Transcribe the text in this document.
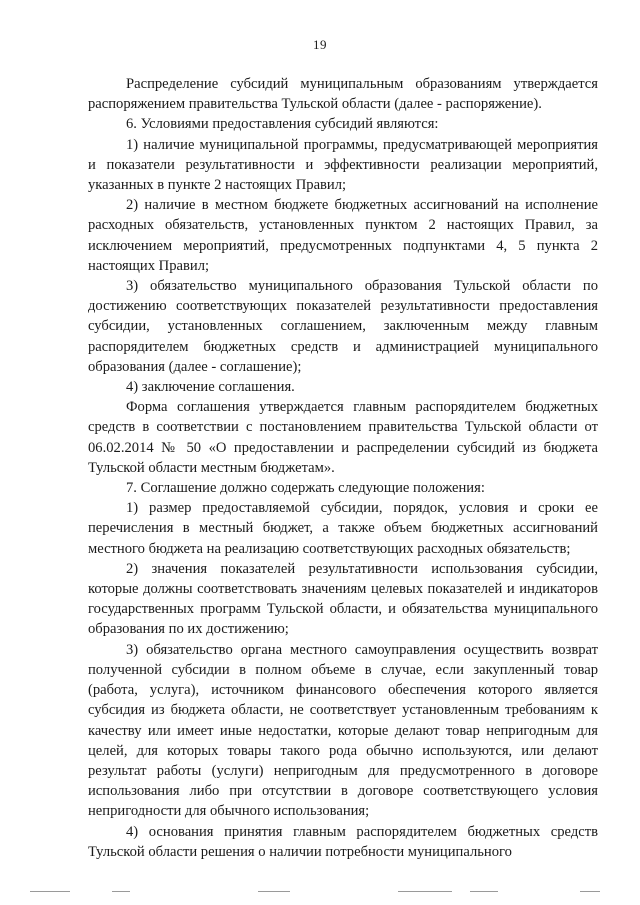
19

Распределение субсидий муниципальным образованиям утверждается распоряжением правительства Тульской области (далее - распоряжение).

6. Условиями предоставления субсидий являются:

1) наличие муниципальной программы, предусматривающей мероприятия и показатели результативности и эффективности реализации мероприятий, указанных в пункте 2 настоящих Правил;

2) наличие в местном бюджете бюджетных ассигнований на исполнение расходных обязательств, установленных пунктом 2 настоящих Правил, за исключением мероприятий, предусмотренных подпунктами 4, 5 пункта 2 настоящих Правил;

3) обязательство муниципального образования Тульской области по достижению соответствующих показателей результативности предоставления субсидии, установленных соглашением, заключенным между главным распорядителем бюджетных средств и администрацией муниципального образования (далее - соглашение);

4) заключение соглашения.

Форма соглашения утверждается главным распорядителем бюджетных средств в соответствии с постановлением правительства Тульской области от 06.02.2014 № 50 «О предоставлении и распределении субсидий из бюджета Тульской области местным бюджетам».

7. Соглашение должно содержать следующие положения:

1) размер предоставляемой субсидии, порядок, условия и сроки ее перечисления в местный бюджет, а также объем бюджетных ассигнований местного бюджета на реализацию соответствующих расходных обязательств;

2) значения показателей результативности использования субсидии, которые должны соответствовать значениям целевых показателей и индикаторов государственных программ Тульской области, и обязательства муниципального образования по их достижению;

3) обязательство органа местного самоуправления осуществить возврат полученной субсидии в полном объеме в случае, если закупленный товар (работа, услуга), источником финансового обеспечения которого является субсидия из бюджета области, не соответствует установленным требованиям к качеству или имеет иные недостатки, которые делают товар непригодным для целей, для которых товары такого рода обычно используются, или делают результат работы (услуги) непригодным для предусмотренного в договоре использования либо при отсутствии в договоре соответствующего условия непригодности для обычного использования;

4) основания принятия главным распорядителем бюджетных средств Тульской области решения о наличии потребности муниципального
